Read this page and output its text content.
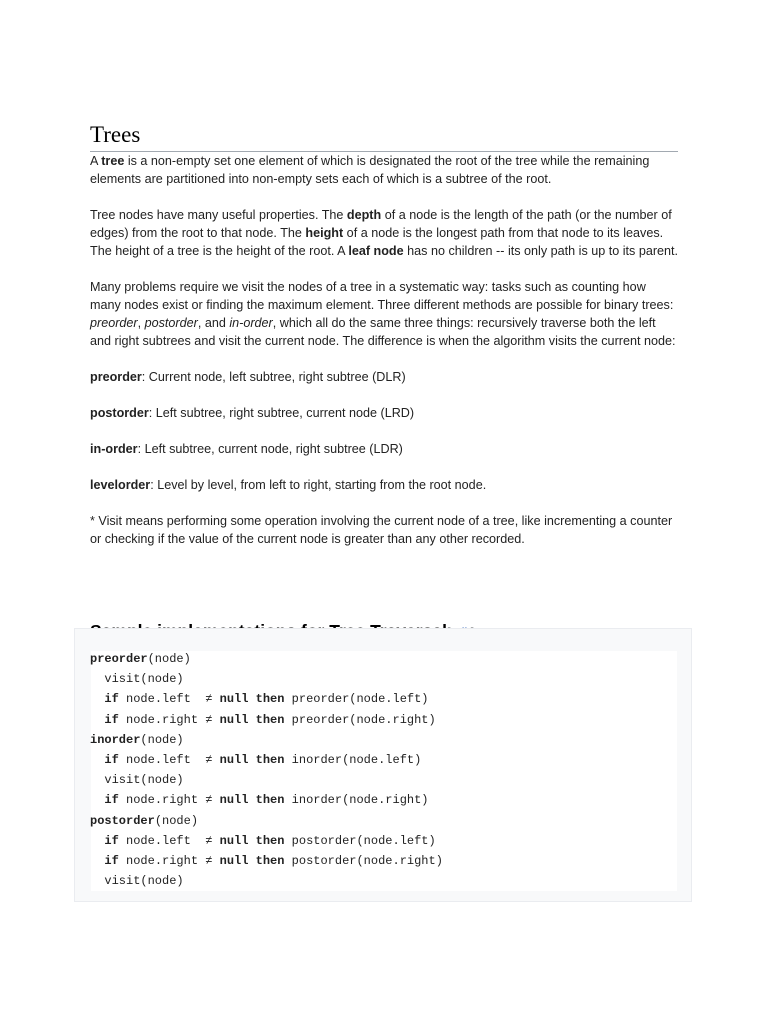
Trees

A tree is a non-empty set one element of which is designated the root of the tree while the remaining elements are partitioned into non-empty sets each of which is a subtree of the root.

Tree nodes have many useful properties. The depth of a node is the length of the path (or the number of edges) from the root to that node. The height of a node is the longest path from that node to its leaves. The height of a tree is the height of the root. A leaf node has no children -- its only path is up to its parent.

Many problems require we visit the nodes of a tree in a systematic way: tasks such as counting how many nodes exist or finding the maximum element. Three different methods are possible for binary trees: preorder, postorder, and in-order, which all do the same three things: recursively traverse both the left and right subtrees and visit the current node. The difference is when the algorithm visits the current node:

preorder: Current node, left subtree, right subtree (DLR)

postorder: Left subtree, right subtree, current node (LRD)

in-order: Left subtree, current node, right subtree (LDR)

levelorder: Level by level, from left to right, starting from the root node.

* Visit means performing some operation involving the current node of a tree, like incrementing a counter or checking if the value of the current node is greater than any other recorded.

preorder(node)
visit(node)
if node.left  ≠ null then preorder(node.left)
if node.right ≠ null then preorder(node.right)
inorder(node)
if node.left  ≠ null then inorder(node.left)
visit(node)
if node.right ≠ null then inorder(node.right)
postorder(node)
if node.left  ≠ null then postorder(node.left)
if node.right ≠ null then postorder(node.right)
visit(node)
